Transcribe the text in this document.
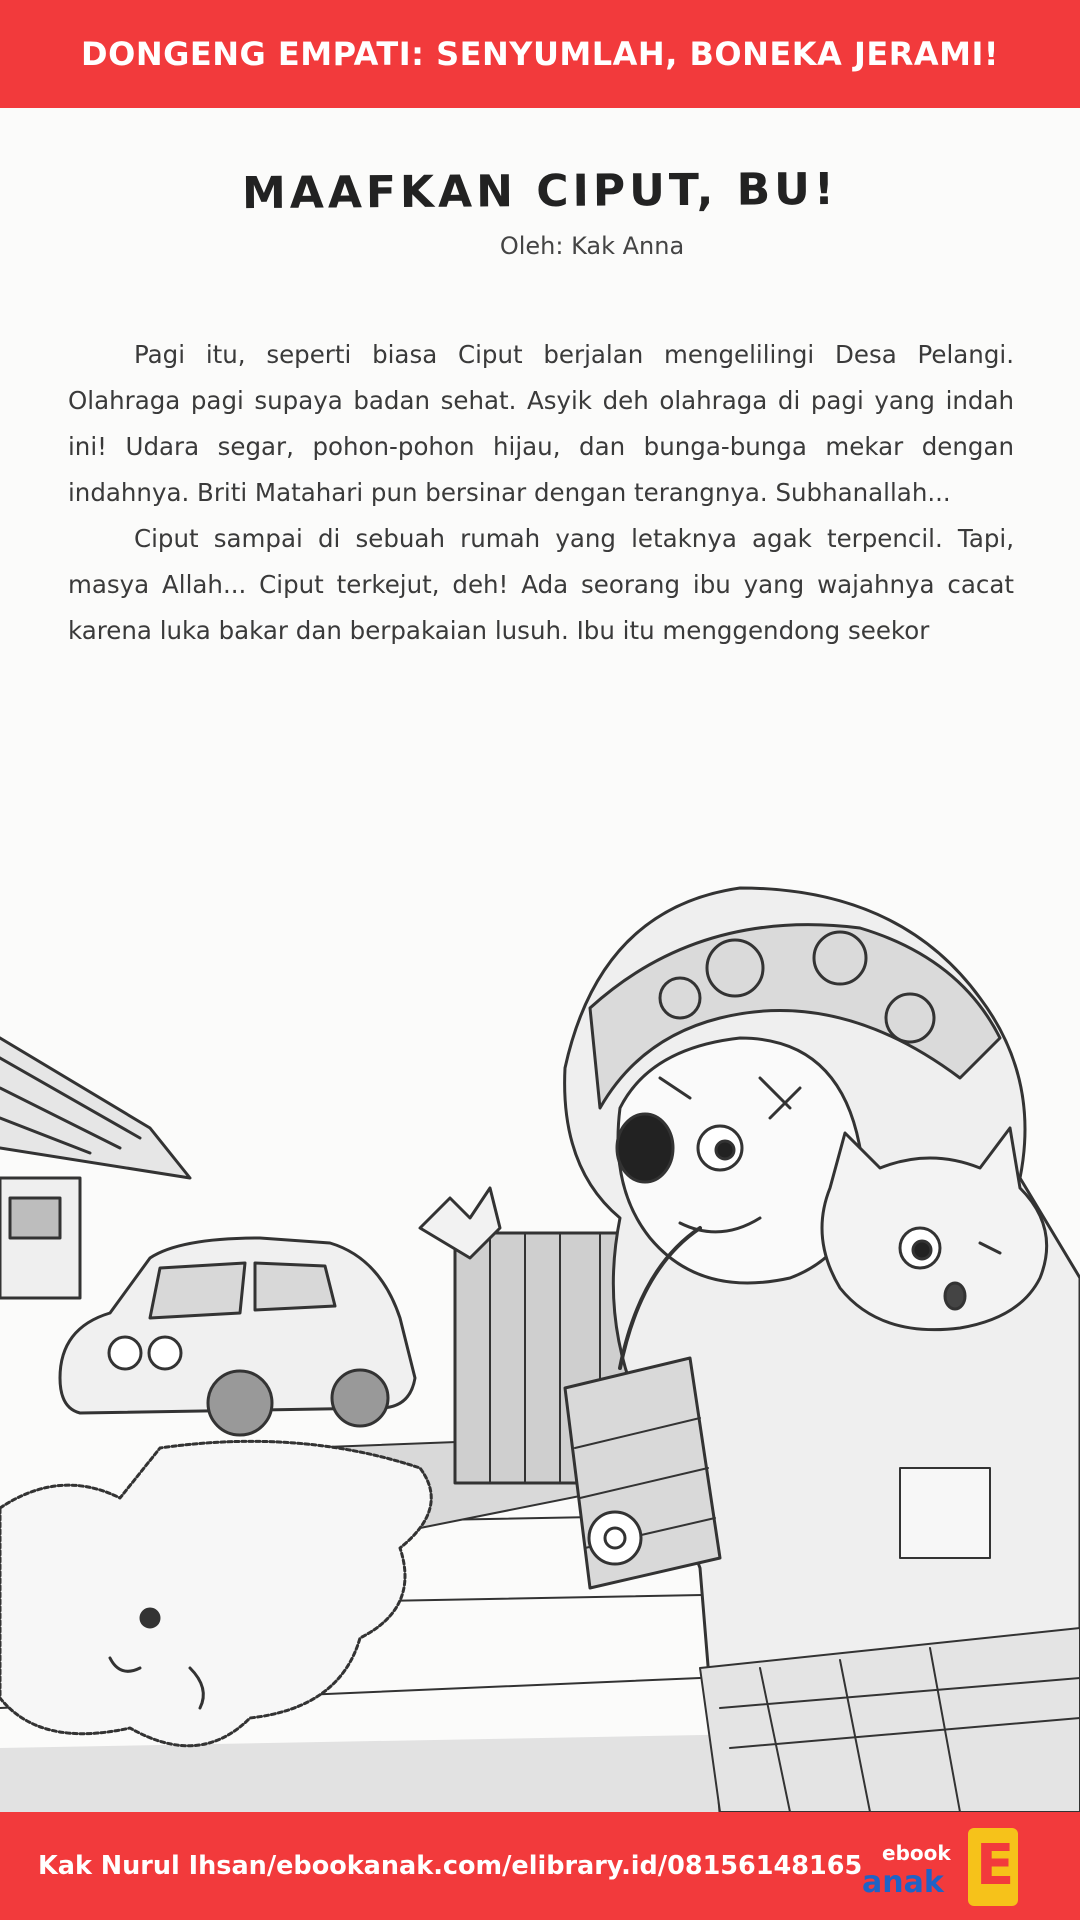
DONGENG EMPATI: SENYUMLAH, BONEKA JERAMI!
MAAFKAN CIPUT, BU!
Oleh: Kak Anna

Pagi itu, seperti biasa Ciput berjalan mengelilingi Desa Pelangi. Olahraga pagi supaya badan sehat. Asyik deh olahraga di pagi yang indah ini! Udara segar, pohon-pohon hijau, dan bunga-bunga mekar dengan indahnya. Briti Matahari pun bersinar dengan terangnya. Subhanallah...

Ciput sampai di sebuah rumah yang letaknya agak terpencil. Tapi, masya Allah... Ciput terkejut, deh! Ada seorang ibu yang wajahnya cacat karena luka bakar dan berpakaian lusuh. Ibu itu menggendong seekor

Kak Nurul Ihsan/ebookanak.com/elibrary.id/08156148165 ebook
anak E
